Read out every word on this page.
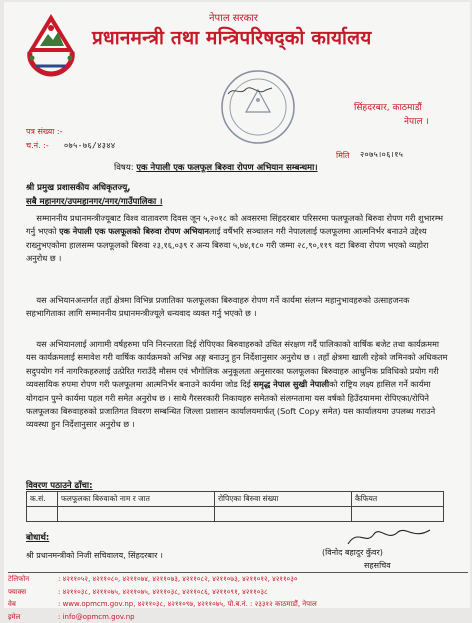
नेपाल सरकार
प्रधानमन्त्री तथा मन्त्रिपरिषद्‌को कार्यालय
सिंहदरबार, काठमाडौं
नेपाल ।
पत्र संख्या :-
च.नं. :- ०७५-७६/४३४४
मिति २०७५।०६।१५
विषय: एक नेपाली एक फलफूल बिरुवा रोपण अभियान सम्बन्धमा।
श्री प्रमुख प्रशासकीय अधिकृतज्यू,
सबै महानगर/उपमहानगर/नगर/गाउँपालिका ।
सम्माननीय प्रधानमन्त्रीज्यूबाट विश्व वातावरण दिवस जून ५,२०१८ को अवसरमा सिंहदरबार परिसरमा फलफूलको बिरुवा रोपण गरी शुभारम्भ गर्नु भएको एक नेपाली एक फलफूलको बिरुवा रोपण अभियानलाई वर्षैभरि सञ्चालन गरी नेपाललाई फलफूलमा आत्मनिर्भर बनाउने उद्देश्य राख्नुभएकोमा हालसम्म फलफूलको बिरुवा २३,१६,०३९ र अन्य बिरुवा ५,७४,१८० गरी जम्मा २८,९०,११९ वटा बिरुवा रोपण भएको व्यहोरा अनुरोध छ ।
यस अभियानअन्तर्गत तहाँ क्षेत्रमा विभिन्न प्रजातिका फलफूलका बिरुवाहरु रोपण गर्ने कार्यमा संलग्न महानुभावहरुको उत्साहजनक सहभागिताका लागि सम्माननीय प्रधानमन्त्रीज्यूले धन्यवाद व्यक्त गर्नु भएको छ ।
यस अभियानलाई आगामी वर्षहरुमा पनि निरन्तरता दिई रोपिएका बिरुवाहरुको उचित संरक्षण गर्दै पालिकाको वार्षिक बजेट तथा कार्यक्रममा यस कार्यक्रमलाई समावेश गरी वार्षिक कार्यक्रमको अभिन्न अङ्ग बनाउनु हुन निर्देशानुसार अनुरोध छ । तहाँ क्षेत्रमा खाली रहेको जमिनको अधिकतम सदुपयोग गर्न नागरिकहरुलाई उत्प्रेरित गराउँदै मौसम एवं भौगोलिक अनुकूलता अनुसारका फलफूलका बिरुवाहरु आधुनिक प्रविधिको प्रयोग गरी व्यवसायिक रुपमा रोपण गरी फलफूलमा आत्मनिर्भर बनाउने कार्यमा जोड दिई समृद्ध नेपाल सुखी नेपालीको राष्ट्रिय लक्ष्य हासिल गर्ने कार्यमा योगदान पुग्ने कार्यमा पहल गरी समेत अनुरोध छ । साथै गैरसरकारी निकायहरु समेतको संलग्नतामा यस वर्षको हिउँदयाममा रोपिएका/रोपिने फलफूलका बिरुवाहरुको प्रजातिगत विवरण सम्बन्धित जिल्ला प्रशासन कार्यालयमार्फत् (Soft Copy समेत) यस कार्यालयमा उपलब्ध गराउने व्यवस्था हुन निर्देशानुसार अनुरोध छ ।
विवरण पठाउने ढाँचा:
क.सं.	फलफूलका बिरुवाको नाम र जात	रोपिएका बिरुवा संख्या	कैफियत

(विनोद बहादुर कुँवर)
सहसचिव
बोधार्थ:
श्री प्रधानमन्त्रीको निजी सचिवालय, सिंहदरबार ।
टेलिफोन	: ४२११०५२, ४२११०८०, ४२११०७४, ४२११०७३, ४२११०८२, ४२११०७३, ४२११०१२, ४२११०३०
फ्याक्स	: ४२११०३८, ४२११०७५, ४२११०७५, ४२११०३८, ४२११०८६, ४२११०९१, ४२११०३८
वेब	: www.opmcm.gov.np, ४२११०३८, ४२११०९७, ४२११०७५, पो.ब.नं. : २३३१२ काठमाडौं, नेपाल
इमेल	: info@opmcm.gov.np
